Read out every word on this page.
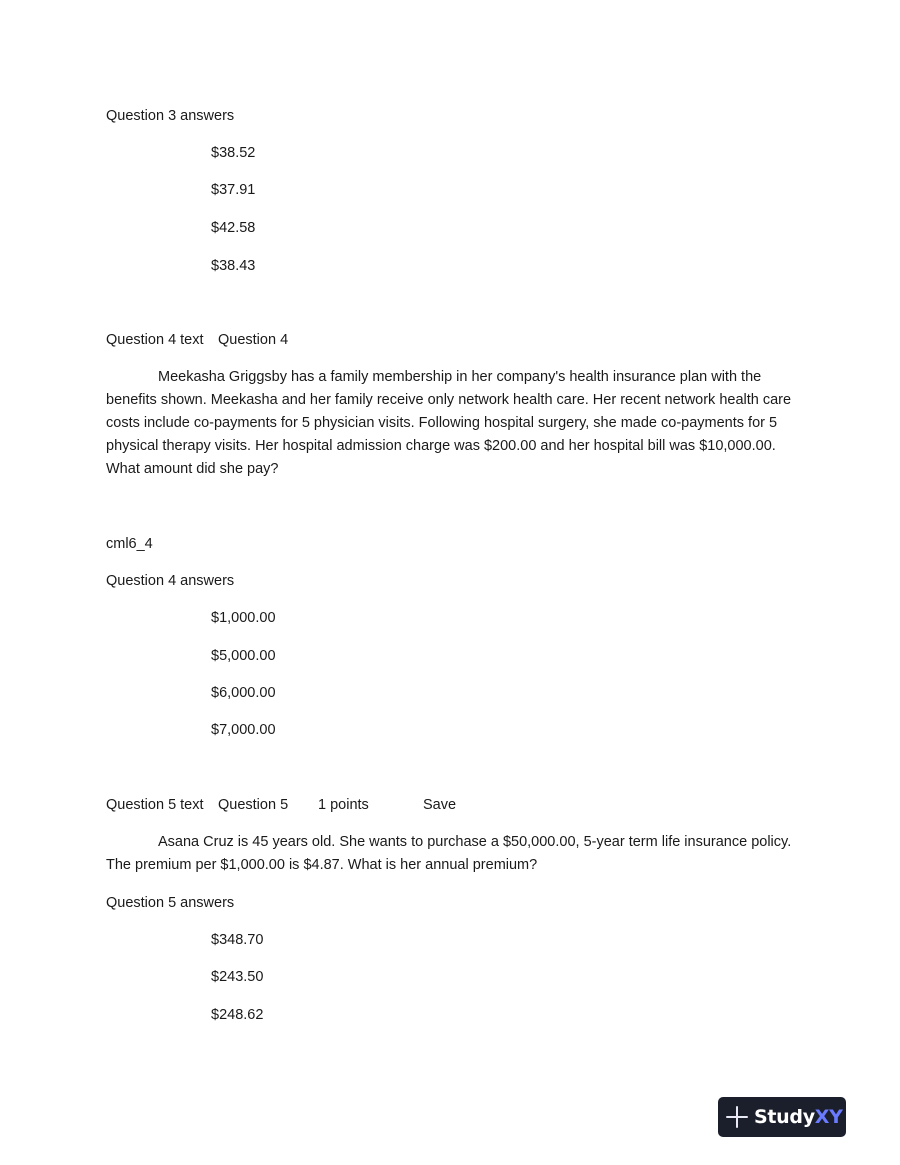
Question 3 answers
$38.52
$37.91
$42.58
$38.43
Question 4 text Question 4
Meekasha Griggsby has a family membership in her company's health insurance plan with the benefits shown. Meekasha and her family receive only network health care. Her recent network health care costs include co-payments for 5 physician visits. Following hospital surgery, she made co-payments for 5 physical therapy visits. Her hospital admission charge was $200.00 and her hospital bill was $10,000.00. What amount did she pay?
cml6_4
Question 4 answers
$1,000.00
$5,000.00
$6,000.00
$7,000.00
Question 5 text Question 5 1 points	Save
Asana Cruz is 45 years old. She wants to purchase a $50,000.00, 5-year term life insurance policy. The premium per $1,000.00 is $4.87. What is her annual premium?
Question 5 answers
$348.70
$243.50
$248.62
StudyXY
